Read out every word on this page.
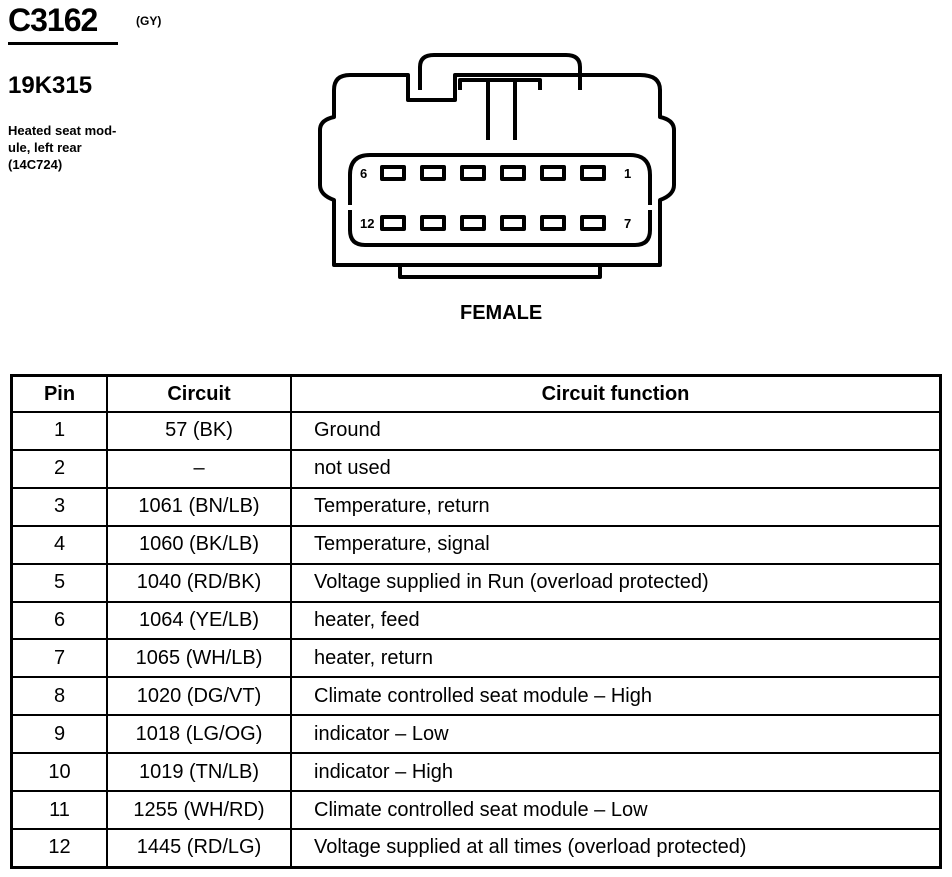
C3162	(GY)
19K315
Heated seat mod-
ule, left rear
(14C724)
6	1
12	7
FEMALE
Pin	Circuit	Circuit function
1	57 (BK)	Ground
2	–	not used
3	1061 (BN/LB)	Temperature, return
4	1060 (BK/LB)	Temperature, signal
5	1040 (RD/BK)	Voltage supplied in Run (overload protected)
6	1064 (YE/LB)	heater, feed
7	1065 (WH/LB)	heater, return
8	1020 (DG/VT)	Climate controlled seat module – High
9	1018 (LG/OG)	indicator – Low
10	1019 (TN/LB)	indicator – High
11	1255 (WH/RD)	Climate controlled seat module – Low
12	1445 (RD/LG)	Voltage supplied at all times (overload protected)
